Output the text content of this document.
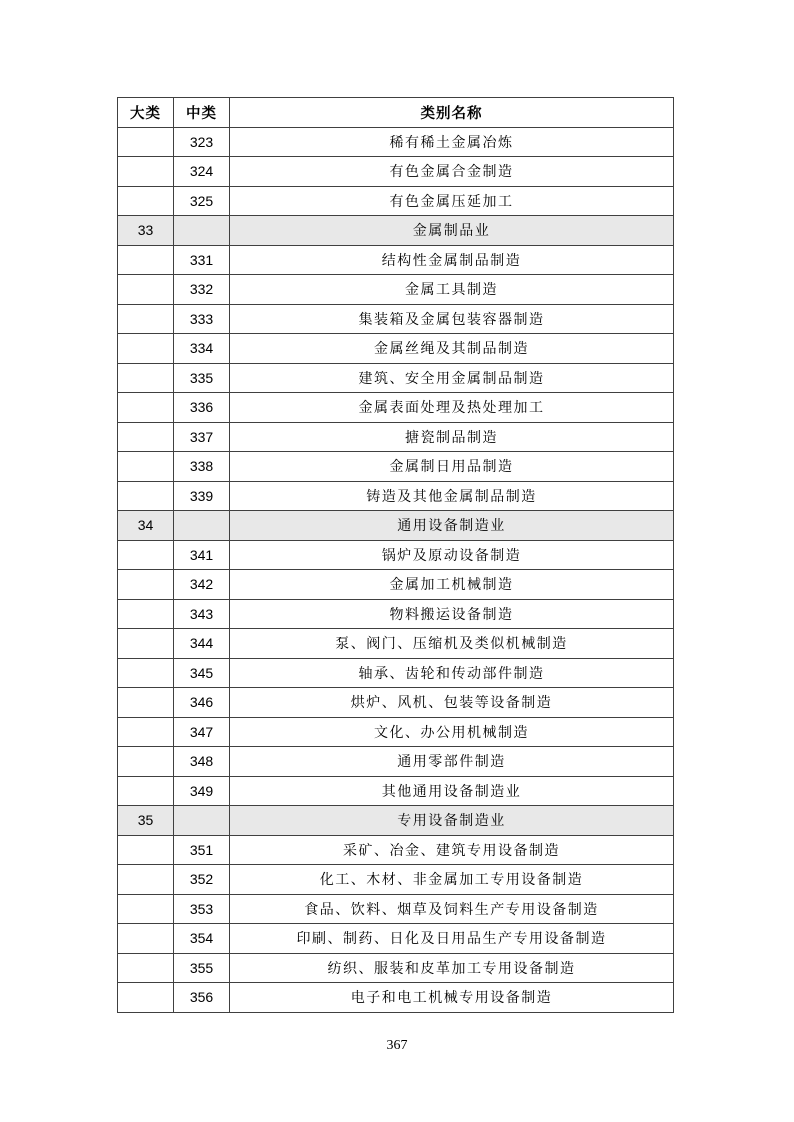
大类	中类	类别名称
	323	稀有稀土金属冶炼
	324	有色金属合金制造
	325	有色金属压延加工
33		金属制品业
	331	结构性金属制品制造
	332	金属工具制造
	333	集装箱及金属包装容器制造
	334	金属丝绳及其制品制造
	335	建筑、安全用金属制品制造
	336	金属表面处理及热处理加工
	337	搪瓷制品制造
	338	金属制日用品制造
	339	铸造及其他金属制品制造
34		通用设备制造业
	341	锅炉及原动设备制造
	342	金属加工机械制造
	343	物料搬运设备制造
	344	泵、阀门、压缩机及类似机械制造
	345	轴承、齿轮和传动部件制造
	346	烘炉、风机、包装等设备制造
	347	文化、办公用机械制造
	348	通用零部件制造
	349	其他通用设备制造业
35		专用设备制造业
	351	采矿、冶金、建筑专用设备制造
	352	化工、木材、非金属加工专用设备制造
	353	食品、饮料、烟草及饲料生产专用设备制造
	354	印刷、制药、日化及日用品生产专用设备制造
	355	纺织、服装和皮革加工专用设备制造
	356	电子和电工机械专用设备制造
367
